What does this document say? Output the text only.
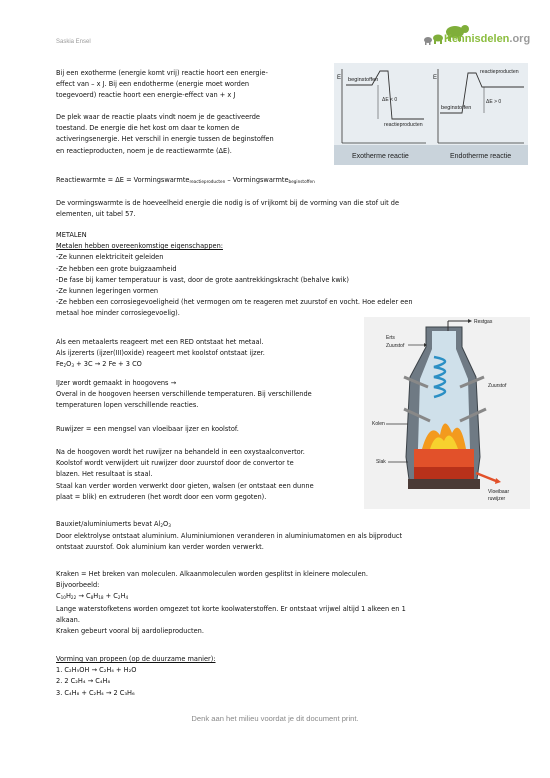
Saskia Ensel	Kennisdelen.org
Bij een exotherme (energie komt vrij) reactie hoort een energie-
effect van – x J. Bij een endotherme (energie moet worden
toegevoerd) reactie hoort een energie-effect van + x J
De plek waar de reactie plaats vindt noem je de geactiveerde
toestand. De energie die het kost om daar te komen de
activeringsenergie. Het verschil in energie tussen de beginstoffen
en reactieproducten, noem je de reactiewarmte (ΔE).
E beginstoffen
ΔE < 0
reactieproducten
Exotherme reactie
E
reactieproducten
beginstoffen
ΔE > 0
Endotherme reactie
Reactiewarmte = ΔE = Vormingswarmte$_{reactieproducten}$ – Vormingswarmte$_{beginstoffen}$
De vormingswarmte is de hoeveelheid energie die nodig is of vrijkomt bij de vorming van die stof uit de
elementen, uit tabel 57.
METALEN
Metalen hebben overeenkomstige eigenschappen:
-Ze kunnen elektriciteit geleiden
-Ze hebben een grote buigzaamheid
-De fase bij kamer temperatuur is vast, door de grote aantrekkingskracht (behalve kwik)
-Ze kunnen legeringen vormen
-Ze hebben een corrosiegevoeligheid (het vermogen om te reageren met zuurstof en vocht. Hoe edeler een
metaal hoe minder corrosiegevoelig).
Als een metaalerts reageert met een RED ontstaat het metaal.
Als ijzererts (ijzer(III)oxide) reageert met koolstof ontstaat ijzer.
$Fe_2O_3 + 3C \to 2$ Fe + 3 CO
IJzer wordt gemaakt in hoogovens →
Overal in de hoogoven heersen verschillende temperaturen. Bij verschillende
temperaturen lopen verschillende reacties.
Ruwijzer = een mengsel van vloeibaar ijzer en koolstof.
Na de hoogoven wordt het ruwijzer na behandeld in een oxystaalconvertor.
Koolstof wordt verwijdert uit ruwijzer door zuurstof door de convertor te
blazen. Het resultaat is staal.
Staal kan verder worden verwerkt door gieten, walsen (er ontstaat een dunne
plaat = blik) en extruderen (het wordt door een vorm gegoten).
Restgas
Erts
Zuurstof
Zuurstof
Kolen
Slak
Vloeibaar
ruwijzer
Bauxiet/aluminiumerts bevat $Al_2O_3$
Door elektrolyse ontstaat aluminium. Aluminiumionen veranderen in aluminiumatomen en als bijproduct
ontstaat zuurstof. Ook aluminium kan verder worden verwerkt.
Kraken = Het breken van moleculen. Alkaanmoleculen worden gesplitst in kleinere moleculen.
Bijvoorbeeld:
$C_{10}H_{22} \to C_8H_{18} + C_2H_4$
Lange waterstofketens worden omgezet tot korte koolwaterstoffen. Er ontstaat vrijwel altijd 1 alkeen en 1
alkaan.
Kraken gebeurt vooral bij aardolieproducten.
Vorming van propeen (op de duurzame manier):
1. C₂H₅OH → C₂H₄ + H₂O
2. 2 C₂H₄ → C₄H₈
3. C₄H₈ + C₂H₄ → 2 C₃H₆
Denk aan het milieu voordat je dit document print.
